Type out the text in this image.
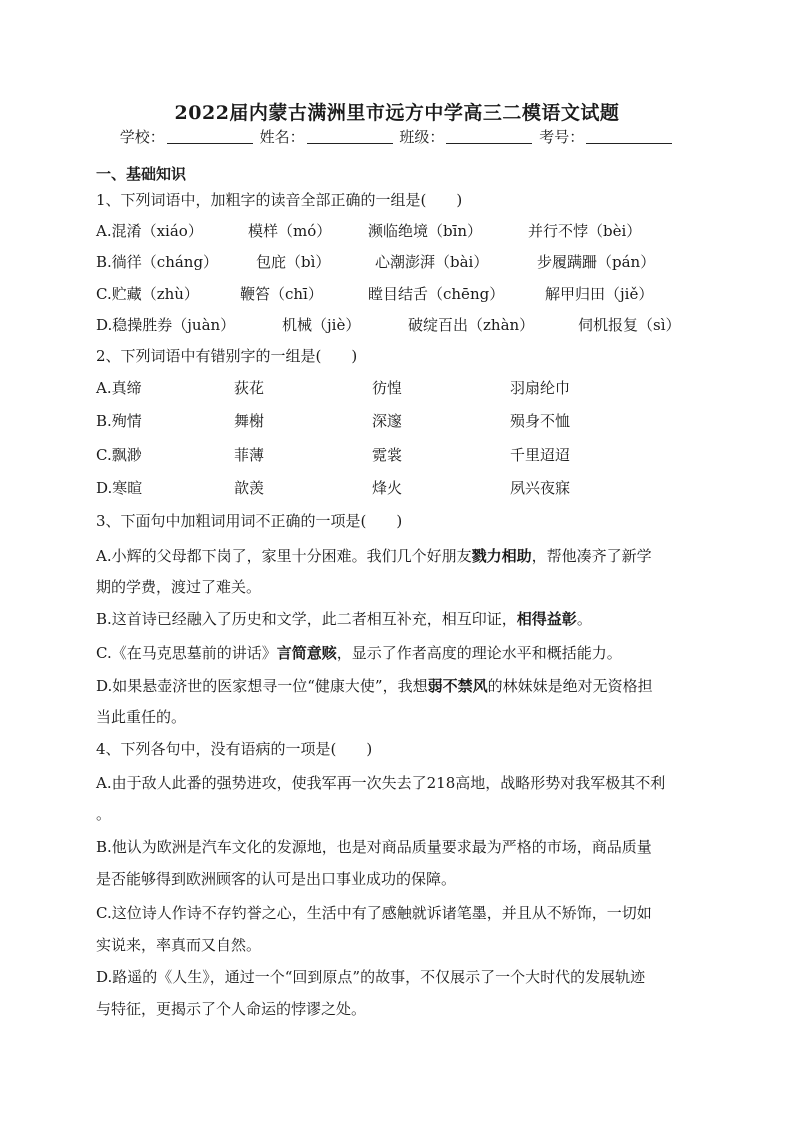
2022届内蒙古满洲里市远方中学高三二模语文试题
学校：	姓名：	班级：	考号：
一、基础知识
1、下列词语中，加粗字的读音全部正确的一组是(　　)
A.混淆（xiáo）	模样（mó） 濒临绝境（bīn）	并行不悖（bèi）
B.徜徉（cháng）	包庇（bì）	心潮澎湃（bài）	步履蹒跚（pán）
C.贮藏（zhù）	鞭笞（chī）	瞠目结舌（chēng）	解甲归田（jiě）
D.稳操胜券（juàn）	机械（jiè）	破绽百出（zhàn）	伺机报复（sì）
2、下列词语中有错别字的一组是(　　)
A.真缔	荻花	彷惶	羽扇纶巾
B.殉情	舞榭	深邃	殒身不恤
C.飘渺	菲薄	霓裳	千里迢迢
D.寒暄	歆羡	烽火	夙兴夜寐
3、下面句中加粗词用词不正确的一项是(　　)
A.小辉的父母都下岗了，家里十分困难。我们几个好朋友戮力相助，帮他凑齐了新学
期的学费，渡过了难关。
B.这首诗已经融入了历史和文学，此二者相互补充，相互印证，相得益彰。
C.《在马克思墓前的讲话》言简意赅，显示了作者高度的理论水平和概括能力。
D.如果悬壶济世的医家想寻一位“健康大使”，我想弱不禁风的林妹妹是绝对无资格担
当此重任的。
4、下列各句中，没有语病的一项是(　　)
A.由于敌人此番的强势进攻，使我军再一次失去了218高地，战略形势对我军极其不利
。
B.他认为欧洲是汽车文化的发源地，也是对商品质量要求最为严格的市场，商品质量
是否能够得到欧洲顾客的认可是出口事业成功的保障。
C.这位诗人作诗不存钓誉之心，生活中有了感触就诉诸笔墨，并且从不矫饰，一切如
实说来，率真而又自然。
D.路遥的《人生》，通过一个“回到原点”的故事，不仅展示了一个大时代的发展轨迹
与特征，更揭示了个人命运的悖谬之处。
